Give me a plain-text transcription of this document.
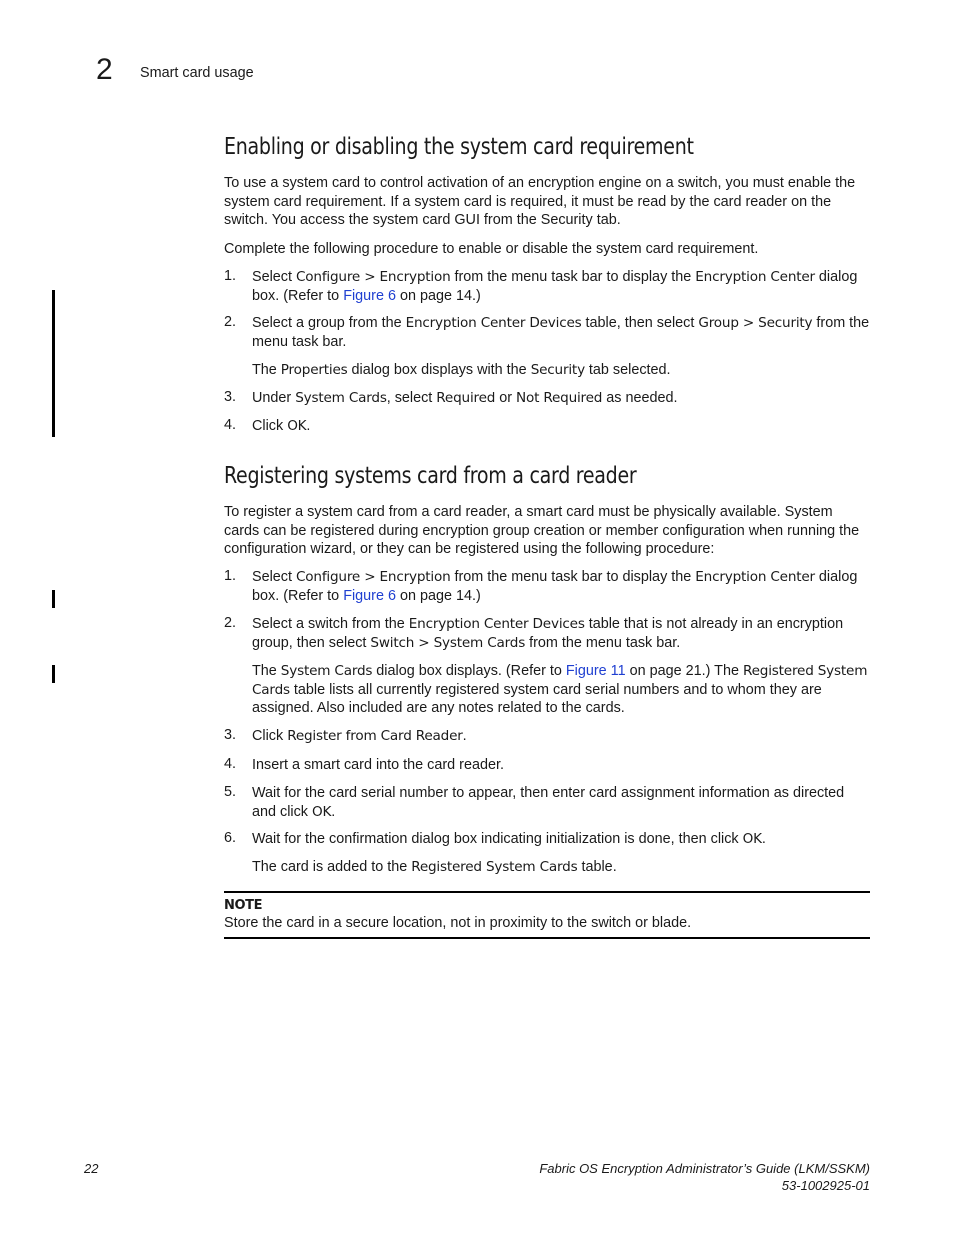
2 Smart card usage
Enabling or disabling the system card requirement

To use a system card to control activation of an encryption engine on a switch, you must enable the system card requirement. If a system card is required, it must be read by the card reader on the switch. You access the system card GUI from the Security tab.

Complete the following procedure to enable or disable the system card requirement.

1. Select Configure > Encryption from the menu task bar to display the Encryption Center dialog box. (Refer to Figure 6 on page 14.)

2. Select a group from the Encryption Center Devices table, then select Group > Security from the menu task bar.

The Properties dialog box displays with the Security tab selected.

3. Under System Cards, select Required or Not Required as needed.

4. Click OK.

Registering systems card from a card reader

To register a system card from a card reader, a smart card must be physically available. System cards can be registered during encryption group creation or member configuration when running the configuration wizard, or they can be registered using the following procedure:

1. Select Configure > Encryption from the menu task bar to display the Encryption Center dialog box. (Refer to Figure 6 on page 14.)

2. Select a switch from the Encryption Center Devices table that is not already in an encryption group, then select Switch > System Cards from the menu task bar.

The System Cards dialog box displays. (Refer to Figure 11 on page 21.) The Registered System Cards table lists all currently registered system card serial numbers and to whom they are assigned. Also included are any notes related to the cards.

3. Click Register from Card Reader.

4. Insert a smart card into the card reader.

5. Wait for the card serial number to appear, then enter card assignment information as directed and click OK.

6. Wait for the confirmation dialog box indicating initialization is done, then click OK.

The card is added to the Registered System Cards table.

NOTE

Store the card in a secure location, not in proximity to the switch or blade.

22	Fabric OS Encryption Administrator’s Guide (LKM/SSKM)
53-1002925-01
